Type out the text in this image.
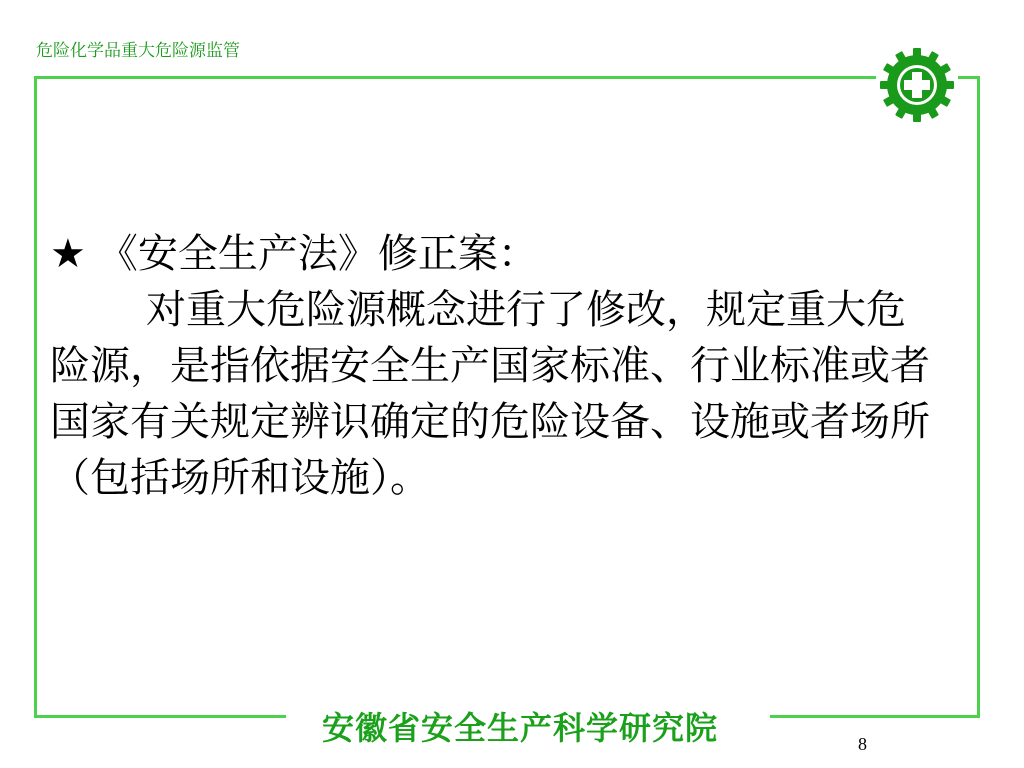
危险化学品重大危险源监管
★ 《安全生产法》修正案：
对重大危险源概念进行了修改，规定重大危险源，是指依据安全生产国家标准、行业标准或者国家有关规定辨识确定的危险设备、设施或者场所（包括场所和设施）。
安徽省安全生产科学研究院	8
